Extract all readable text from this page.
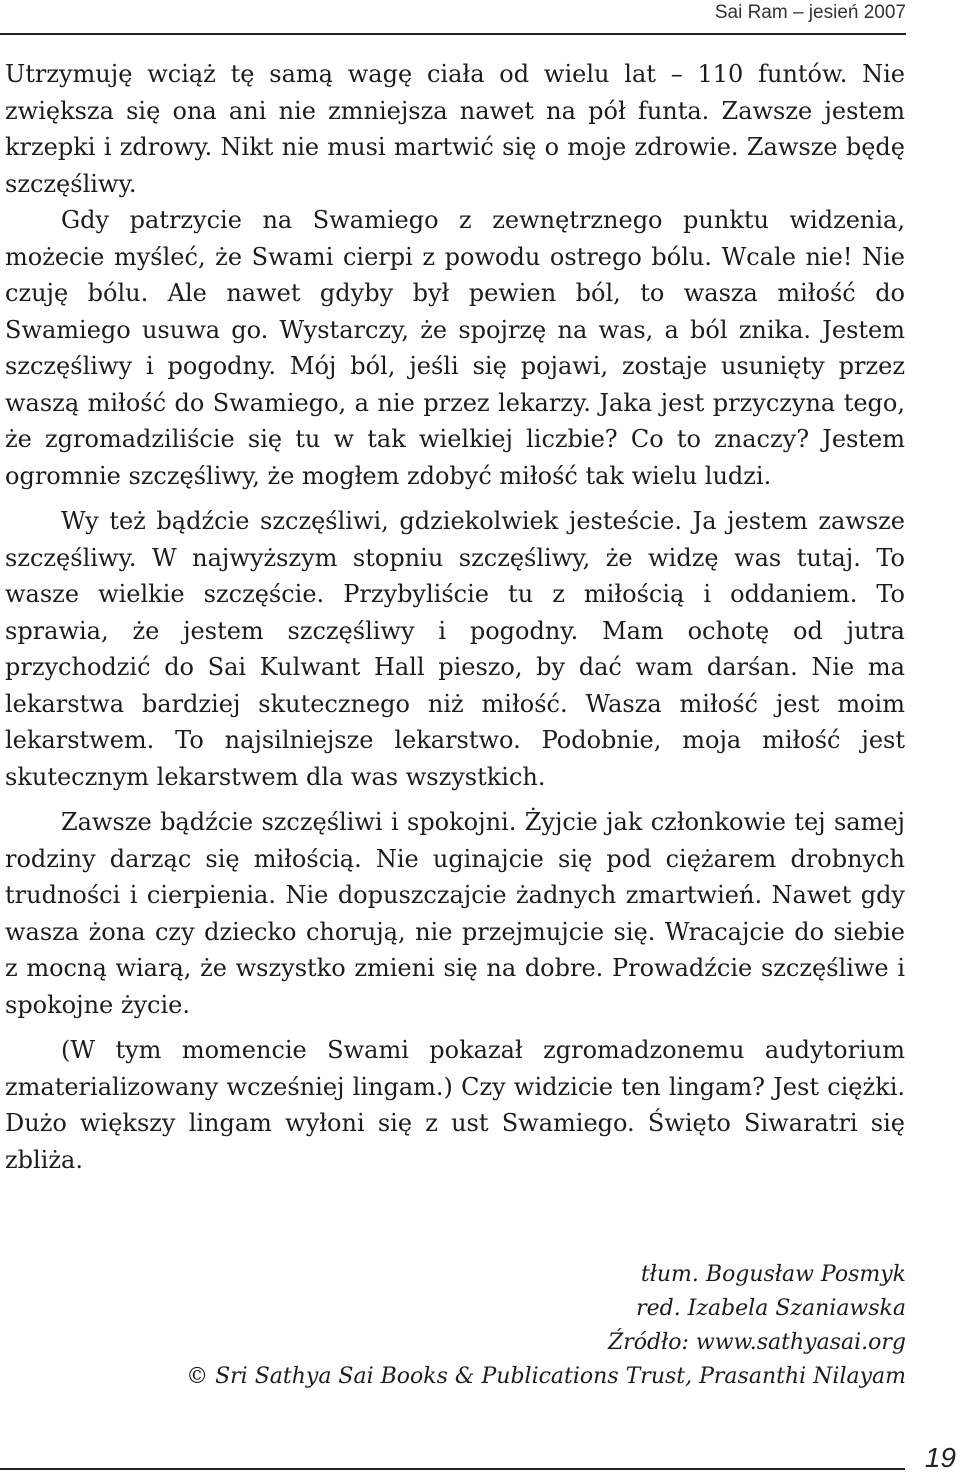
Sai Ram – jesień 2007

Utrzymuję wciąż tę samą wagę ciała od wielu lat – 110 funtów. Nie zwiększa się ona ani nie zmniejsza nawet na pół funta. Zawsze jestem krzepki i zdrowy. Nikt nie musi martwić się o moje zdrowie. Zawsze będę szczęśliwy.

Gdy patrzycie na Swamiego z zewnętrznego punktu widzenia, możecie myśleć, że Swami cierpi z powodu ostrego bólu. Wcale nie! Nie czuję bólu. Ale nawet gdyby był pewien ból, to wasza miłość do Swamiego usuwa go. Wystarczy, że spojrzę na was, a ból znika. Jestem szczęśliwy i pogodny. Mój ból, jeśli się pojawi, zostaje usunięty przez waszą miłość do Swamiego, a nie przez lekarzy. Jaka jest przyczyna tego, że zgromadziliście się tu w tak wielkiej liczbie? Co to znaczy? Jestem ogromnie szczęśliwy, że mogłem zdobyć miłość tak wielu ludzi.

Wy też bądźcie szczęśliwi, gdziekolwiek jesteście. Ja jestem zawsze szczęśliwy. W najwyższym stopniu szczęśliwy, że widzę was tutaj. To wasze wielkie szczęście. Przybyliście tu z miłością i oddaniem. To sprawia, że jestem szczęśliwy i pogodny. Mam ochotę od jutra przychodzić do Sai Kulwant Hall pieszo, by dać wam darśan. Nie ma lekarstwa bardziej skutecznego niż miłość. Wasza miłość jest moim lekarstwem. To najsilniejsze lekarstwo. Podobnie, moja miłość jest skutecznym lekarstwem dla was wszystkich.

Zawsze bądźcie szczęśliwi i spokojni. Żyjcie jak członkowie tej samej rodziny darząc się miłością. Nie uginajcie się pod ciężarem drobnych trudności i cierpienia. Nie dopuszczajcie żadnych zmartwień. Nawet gdy wasza żona czy dziecko chorują, nie przejmujcie się. Wracajcie do siebie z mocną wiarą, że wszystko zmieni się na dobre. Prowadźcie szczęśliwe i spokojne życie.

(W tym momencie Swami pokazał zgromadzonemu audytorium zmaterializowany wcześniej lingam.) Czy widzicie ten lingam? Jest ciężki. Dużo większy lingam wyłoni się z ust Swamiego. Święto Siwaratri się zbliża.

tłum. Bogusław Posmyk
red. Izabela Szaniawska
Źródło: www.sathyasai.org
© Sri Sathya Sai Books & Publications Trust, Prasanthi Nilayam
19
